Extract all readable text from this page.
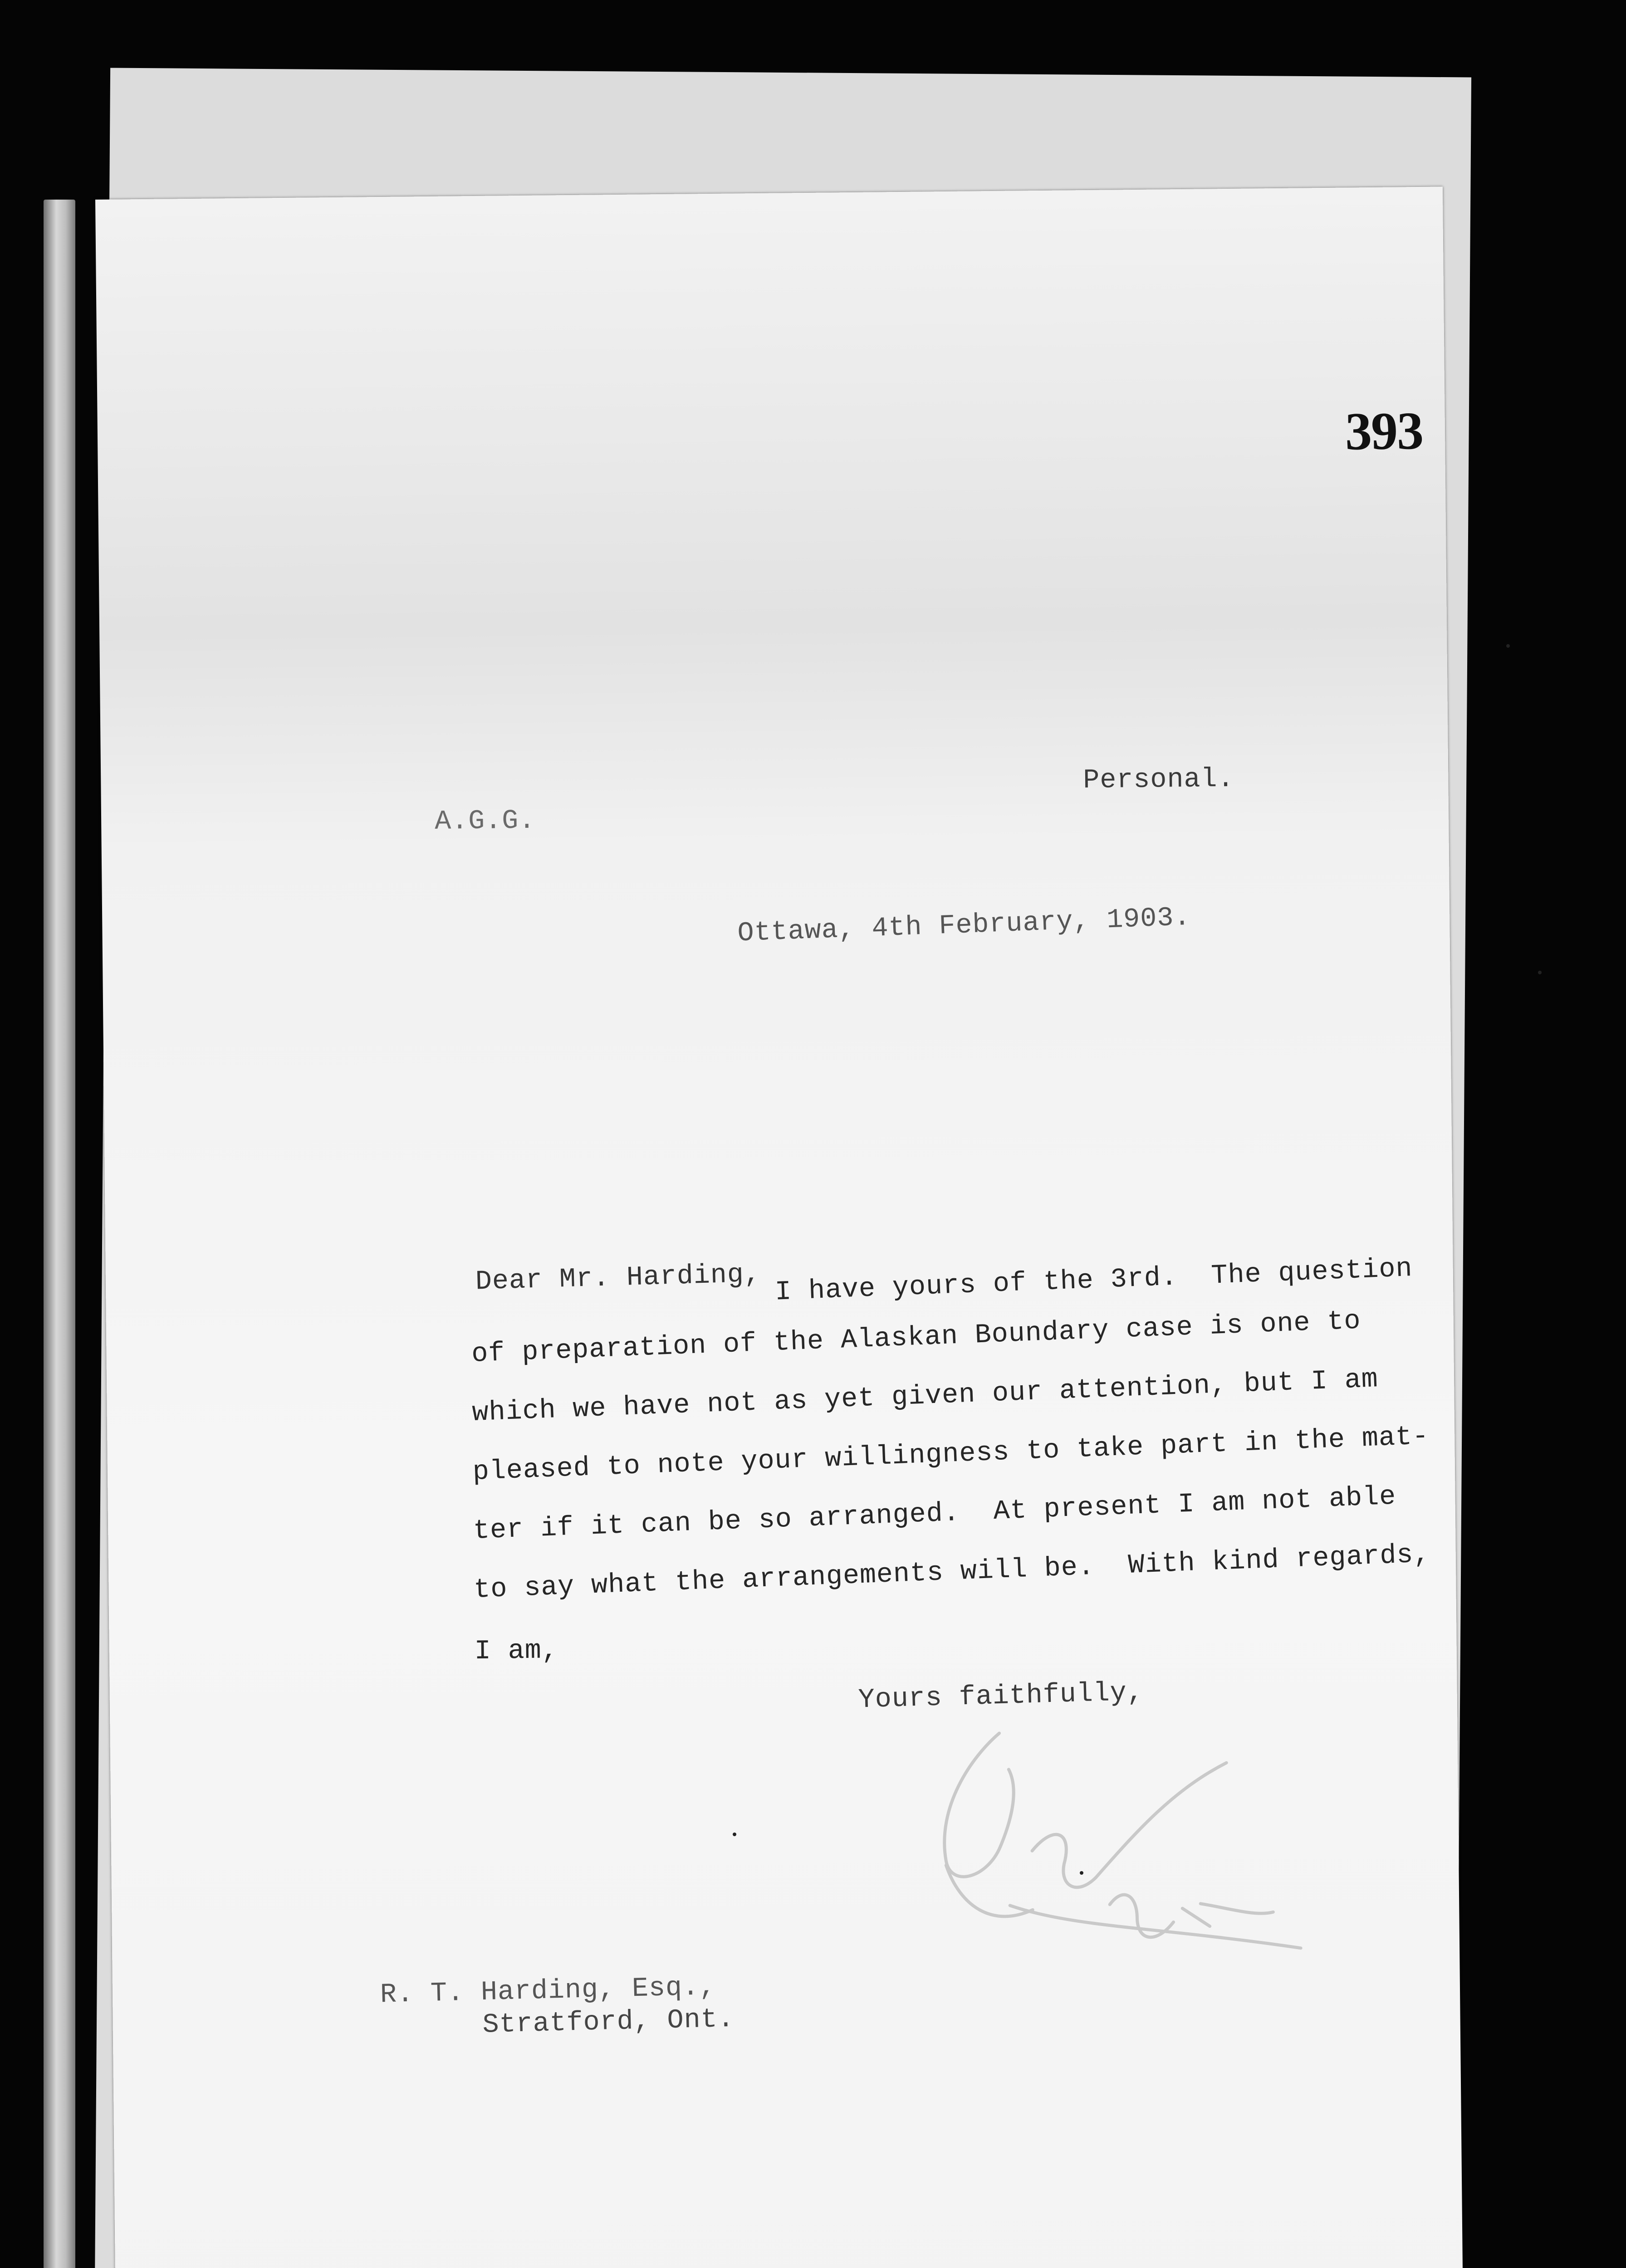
393
Personal.
A.G.G.
Ottawa, 4th February, 1903.
Dear Mr. Harding, I have yours of the 3rd.  The question
of preparation of the Alaskan Boundary case is one to
which we have not as yet given our attention, but I am
pleased to note your willingness to take part in the mat-
ter if it can be so arranged.  At present I am not able
to say what the arrangements will be.  With kind regards,
I am,
Yours faithfully,
R. T. Harding, Esq.,
Stratford, Ont.
